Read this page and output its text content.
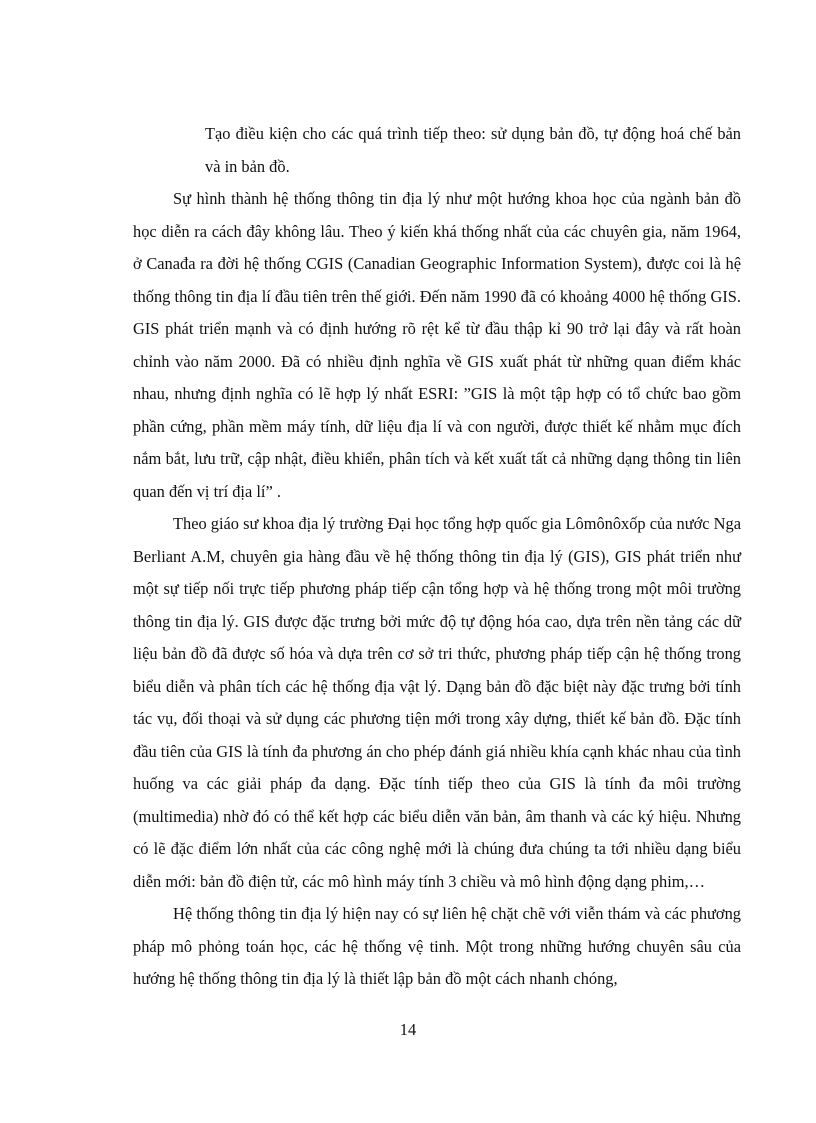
Tạo điều kiện cho các quá trình tiếp theo: sử dụng bản đồ, tự động hoá chế bản và in bản đồ.

Sự hình thành hệ thống thông tin địa lý như một hướng khoa học của ngành bản đồ học diễn ra cách đây không lâu. Theo ý kiến khá thống nhất của các chuyên gia, năm 1964, ở Canađa ra đời hệ thống CGIS (Canadian Geographic Information System), được coi là hệ thống thông tin địa lí đầu tiên trên thế giới. Đến năm 1990 đã có khoảng 4000 hệ thống GIS. GIS phát triển mạnh và có định hướng rõ rệt kể từ đầu thập kỉ 90 trở lại đây và rất hoàn chỉnh vào năm 2000. Đã có nhiều định nghĩa về GIS xuất phát từ những quan điểm khác nhau, nhưng định nghĩa có lẽ hợp lý nhất ESRI: ”GIS là một tập hợp có tổ chức bao gồm phần cứng, phần mềm máy tính, dữ liệu địa lí và con người, được thiết kế nhằm mục đích nắm bắt, lưu trữ, cập nhật, điều khiển, phân tích và kết xuất tất cả những dạng thông tin liên quan đến vị trí địa lí” .

Theo giáo sư khoa địa lý trường Đại học tổng hợp quốc gia Lômônôxốp của nước Nga Berliant A.M, chuyên gia hàng đầu về hệ thống thông tin địa lý (GIS), GIS phát triển như một sự tiếp nối trực tiếp phương pháp tiếp cận tổng hợp và hệ thống trong một môi trường thông tin địa lý. GIS được đặc trưng bởi mức độ tự động hóa cao, dựa trên nền tảng các dữ liệu bản đồ đã được số hóa và dựa trên cơ sở tri thức, phương pháp tiếp cận hệ thống trong biểu diễn và phân tích các hệ thống địa vật lý. Dạng bản đồ đặc biệt này đặc trưng bởi tính tác vụ, đối thoại và sử dụng các phương tiện mới trong xây dựng, thiết kế bản đồ. Đặc tính đầu tiên của GIS là tính đa phương án cho phép đánh giá nhiều khía cạnh khác nhau của tình huống va các giải pháp đa dạng. Đặc tính tiếp theo của GIS là tính đa môi trường (multimedia) nhờ đó có thể kết hợp các biểu diễn văn bản, âm thanh và các ký hiệu. Nhưng có lẽ đặc điểm lớn nhất của các công nghệ mới là chúng đưa chúng ta tới nhiều dạng biểu diễn mới: bản đồ điện tử, các mô hình máy tính 3 chiều và mô hình động dạng phim,…

Hệ thống thông tin địa lý hiện nay có sự liên hệ chặt chẽ với viễn thám và các phương pháp mô phỏng toán học, các hệ thống vệ tinh. Một trong những hướng chuyên sâu của hướng hệ thống thông tin địa lý là thiết lập bản đồ một cách nhanh chóng,

14
